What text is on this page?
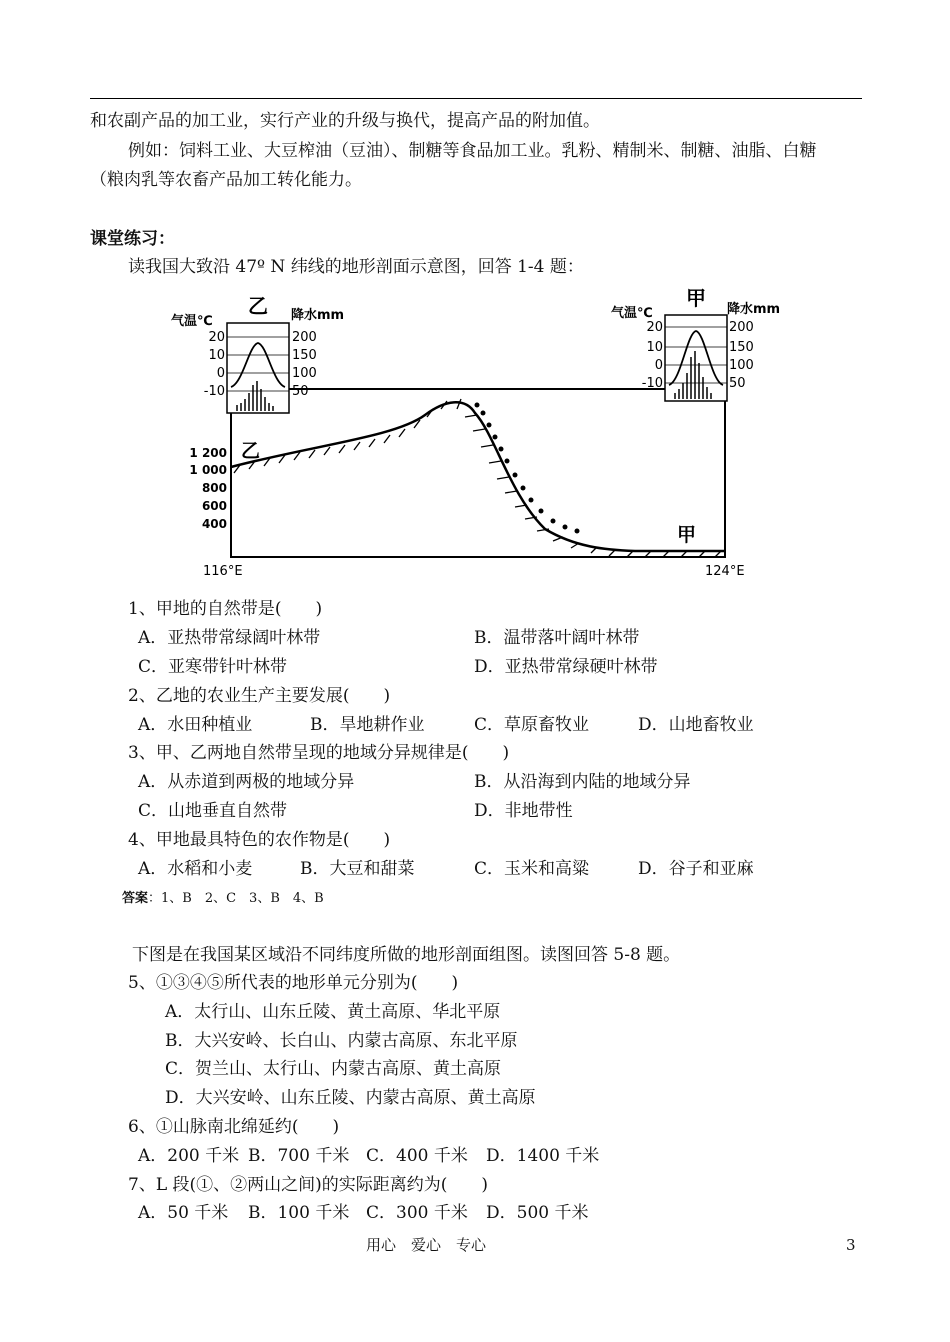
和农副产品的加工业，实行产业的升级与换代，提高产品的附加值。
例如：饲料工业、大豆榨油（豆油）、制糖等食品加工业。乳粉、精制米、制糖、油脂、白糖
（粮肉乳等农畜产品加工转化能力。
课堂练习：
读我国大致沿 47º N 纬线的地形剖面示意图，回答 1-4 题：
1 200
1 000
800
600
400
116°E	124°E
乙
甲
乙
气温℃	降水mm
20
10
0
-10
200
150
100
50
甲
气温℃	降水mm
20
10
0
-10
200
150
100
50
1、甲地的自然带是(　　)
A．亚热带常绿阔叶林带	B．温带落叶阔叶林带
C．亚寒带针叶林带	D．亚热带常绿硬叶林带
2、乙地的农业生产主要发展(　　)
A．水田种植业	B．旱地耕作业	C．草原畜牧业	D．山地畜牧业
3、甲、乙两地自然带呈现的地域分异规律是(　　)
A．从赤道到两极的地域分异	B．从沿海到内陆的地域分异
C．山地垂直自然带	D．非地带性
4、甲地最具特色的农作物是(　　)
A．水稻和小麦	B．大豆和甜菜	C．玉米和高粱	D．谷子和亚麻
答案：1、B　2、C　3、B　4、B
下图是在我国某区域沿不同纬度所做的地形剖面组图。读图回答 5-8 题。
5、①③④⑤所代表的地形单元分别为(　　)
A．太行山、山东丘陵、黄土高原、华北平原
B．大兴安岭、长白山、内蒙古高原、东北平原
C．贺兰山、太行山、内蒙古高原、黄土高原
D．大兴安岭、山东丘陵、内蒙古高原、黄土高原
6、①山脉南北绵延约(　　)
A．200 千米 B．700 千米 C．400 千米 D．1400 千米
7、L 段(①、②两山之间)的实际距离约为(　　)
A．50 千米 B．100 千米 C．300 千米 D．500 千米
用心　爱心　专心	3
